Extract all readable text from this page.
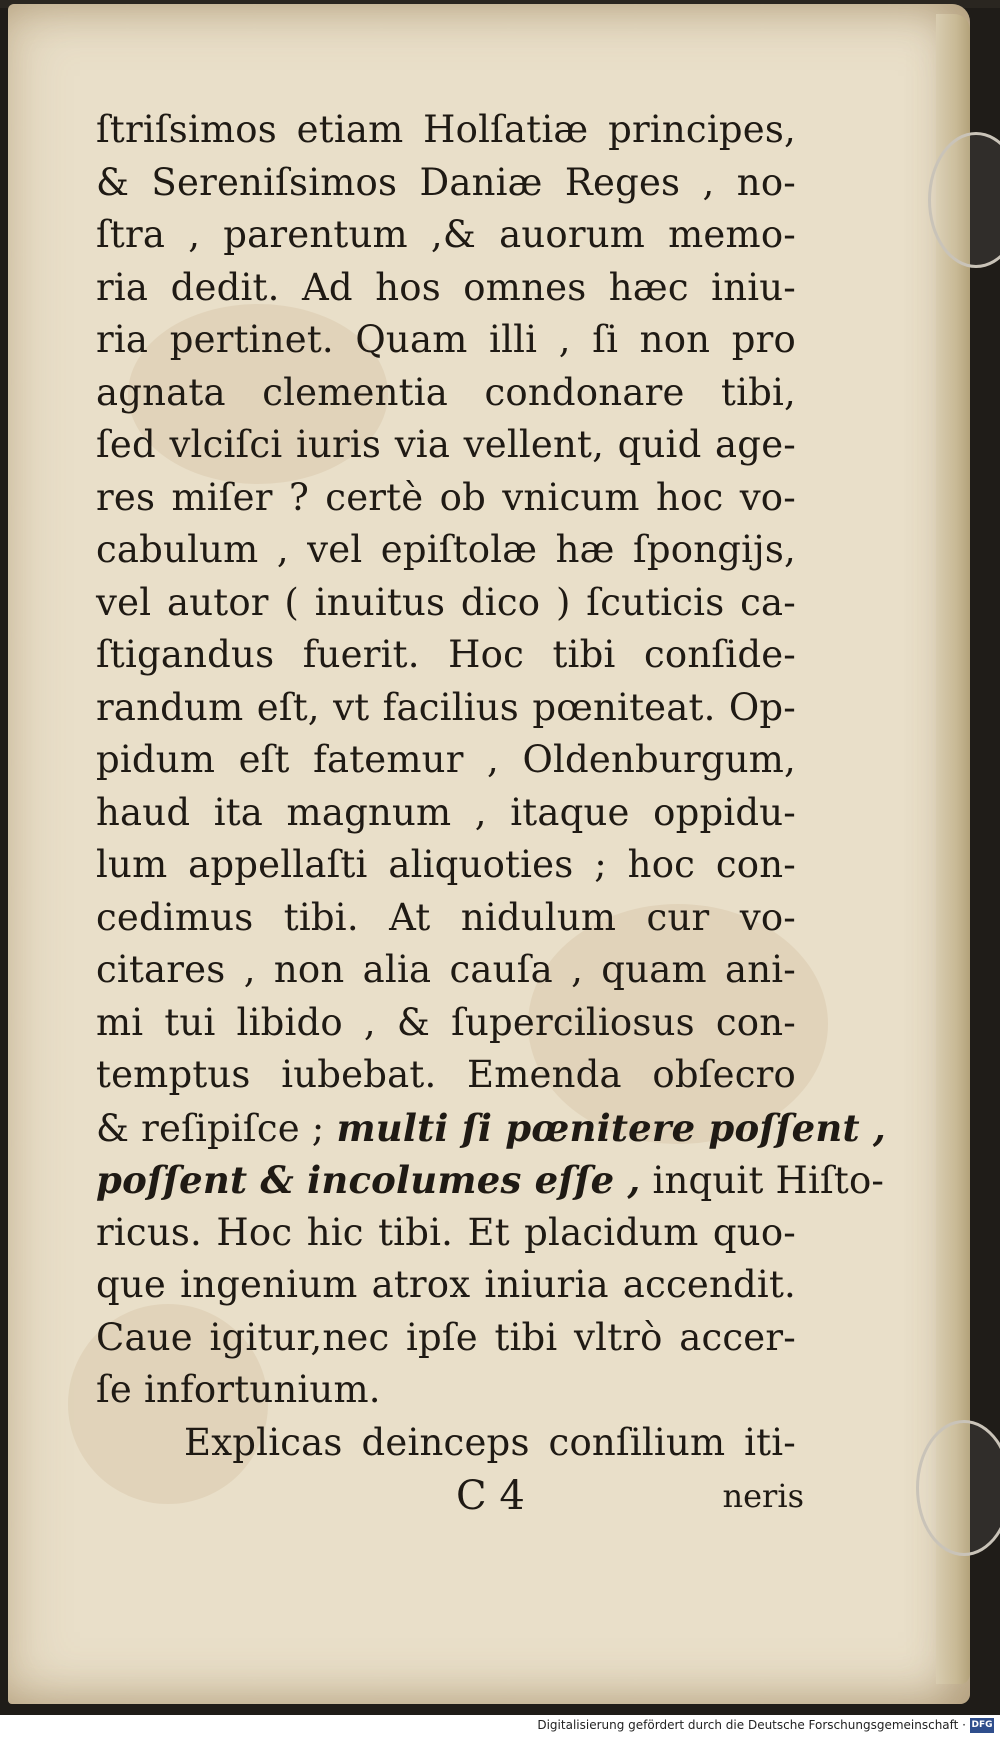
ſtriſsimos etiam Holſatiæ principes,
& Sereniſsimos Daniæ Reges , no-
ſtra , parentum ,& auorum memo-
ria dedit. Ad hos omnes hæc iniu-
ria pertinet. Quam illi , ſi non pro
agnata clementia condonare tibi,
ſed vlciſci iuris via vellent, quid age-
res miſer ? certè ob vnicum hoc vo-
cabulum , vel epiſtolæ hæ ſpongijs,
vel autor ( inuitus dico ) ſcuticis ca-
ſtigandus fuerit. Hoc tibi conſide-
randum eſt, vt facilius pœniteat. Op-
pidum eſt fatemur , Oldenburgum,
haud ita magnum , itaque oppidu-
lum appellaſti aliquoties ; hoc con-
cedimus tibi. At nidulum cur vo-
citares , non alia cauſa , quam ani-
mi tui libido , & ſuperciliosus con-
temptus iubebat. Emenda obſecro
& reſipiſce ; multi ſi pœnitere poſſent ,
poſſent & incolumes eſſe , inquit Hiſto-
ricus. Hoc hic tibi. Et placidum quo-
que ingenium atrox iniuria accendit.
Caue igitur,nec ipſe tibi vltrò accer-
ſe infortunium.
Explicas deinceps conſilium iti-
C 4	neris
Digitalisierung gefördert durch die Deutsche Forschungsgemeinschaft · DFG
